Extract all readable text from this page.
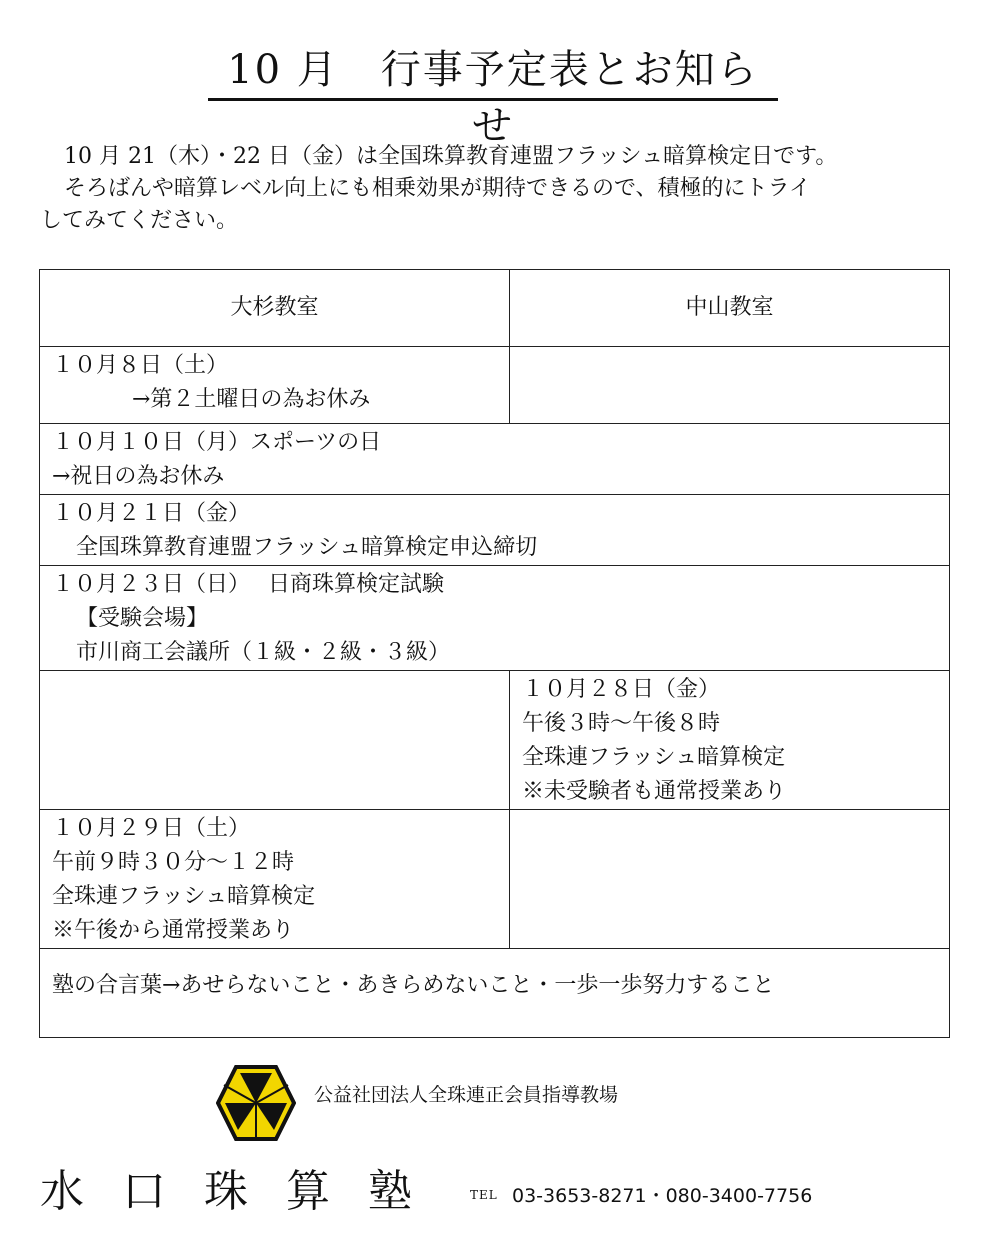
10 月　行事予定表とお知らせ

10 月 21（木）・22 日（金）は全国珠算教育連盟フラッシュ暗算検定日です。

そろばんや暗算レベル向上にも相乗効果が期待できるので、積極的にトライ

してみてください。

大杉教室	中山教室

１０月８日（土）
→第２土曜日の為お休み	

１０月１０日（月）スポーツの日
→祝日の為お休み	

１０月２１日（金）
全国珠算教育連盟フラッシュ暗算検定申込締切	

１０月２３日（日）　 日商珠算検定試験
【受験会場】
市川商工会議所（１級・２級・３級）	

	１０月２８日（金）
午後３時～午後８時
全珠連フラッシュ暗算検定
※未受験者も通常授業あり

１０月２９日（土）
午前９時３０分～１２時
全珠連フラッシュ暗算検定
※午後から通常授業あり	

塾の合言葉→あせらないこと・あきらめないこと・一歩一歩努力すること	
公益社団法人全珠連正会員指導教場
水口珠算塾 TEL 03-3653-8271・080-3400-7756
